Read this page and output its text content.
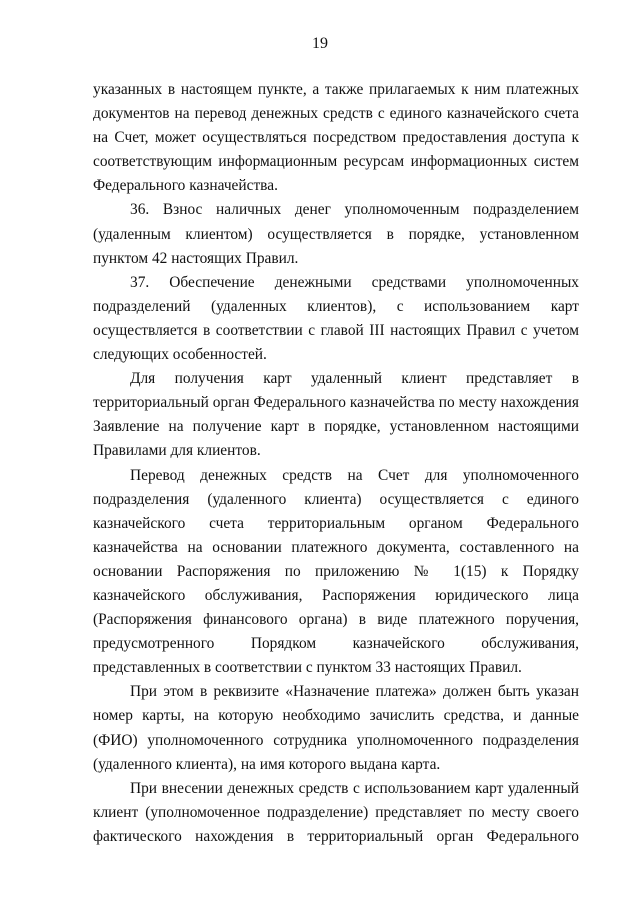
19

указанных в настоящем пункте, а также прилагаемых к ним платежных документов на перевод денежных средств с единого казначейского счета на Счет, может осуществляться посредством предоставления доступа к соответствующим информационным ресурсам информационных систем Федерального казначейства.

36. Взнос наличных денег уполномоченным подразделением (удаленным клиентом) осуществляется в порядке, установленном пунктом 42 настоящих Правил.

37. Обеспечение денежными средствами уполномоченных подразделений (удаленных клиентов), с использованием карт осуществляется в соответствии с главой III настоящих Правил с учетом следующих особенностей.

Для получения карт удаленный клиент представляет в территориальный орган Федерального казначейства по месту нахождения Заявление на получение карт в порядке, установленном настоящими Правилами для клиентов.

Перевод денежных средств на Счет для уполномоченного подразделения (удаленного клиента) осуществляется с единого казначейского счета территориальным органом Федерального казначейства на основании платежного документа, составленного на основании Распоряжения по приложению № 1(15) к Порядку казначейского обслуживания, Распоряжения юридического лица (Распоряжения финансового органа) в виде платежного поручения, предусмотренного Порядком казначейского обслуживания, представленных в соответствии с пунктом 33 настоящих Правил.

При этом в реквизите «Назначение платежа» должен быть указан номер карты, на которую необходимо зачислить средства, и данные (ФИО) уполномоченного сотрудника уполномоченного подразделения (удаленного клиента), на имя которого выдана карта.

При внесении денежных средств с использованием карт удаленный клиент (уполномоченное подразделение) представляет по месту своего фактического нахождения в территориальный орган Федерального
